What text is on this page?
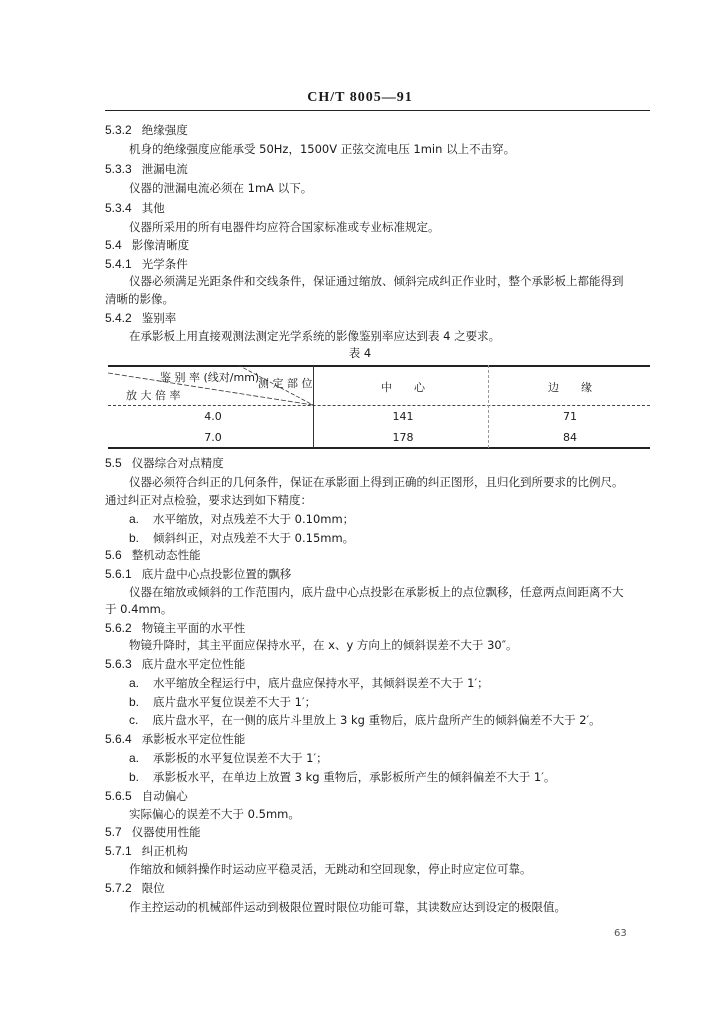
CH/T 8005—91
5.3.2 绝缘强度
机身的绝缘强度应能承受 50Hz，1500V 正弦交流电压 1min 以上不击穿。
5.3.3 泄漏电流
仪器的泄漏电流必须在 1mA 以下。
5.3.4 其他
仪器所采用的所有电器件均应符合国家标准或专业标准规定。
5.4 影像清晰度
5.4.1 光学条件
仪器必须满足光距条件和交线条件，保证通过缩放、倾斜完成纠正作业时，整个承影板上都能得到
清晰的影像。
5.4.2 鉴别率
在承影板上用直接观测法测定光学系统的影像鉴别率应达到表 4 之要求。
5.5 仪器综合对点精度
仪器必须符合纠正的几何条件，保证在承影面上得到正确的纠正图形，且归化到所要求的比例尺。
通过纠正对点检验，要求达到如下精度：
a. 水平缩放，对点残差不大于 0.10mm；
b. 倾斜纠正，对点残差不大于 0.15mm。
5.6 整机动态性能
5.6.1 底片盘中心点投影位置的飘移
仪器在缩放或倾斜的工作范围内，底片盘中心点投影在承影板上的点位飘移，任意两点间距离不大
于 0.4mm。
5.6.2 物镜主平面的水平性
物镜升降时，其主平面应保持水平，在 x、y 方向上的倾斜误差不大于 30″。
5.6.3 底片盘水平定位性能
a. 水平缩放全程运行中，底片盘应保持水平，其倾斜误差不大于 1′；
b. 底片盘水平复位误差不大于 1′；
c. 底片盘水平，在一侧的底片斗里放上 3 kg 重物后，底片盘所产生的倾斜偏差不大于 2′。
5.6.4 承影板水平定位性能
a. 承影板的水平复位误差不大于 1′；
b. 承影板水平，在单边上放置 3 kg 重物后，承影板所产生的倾斜偏差不大于 1′。
5.6.5 自动偏心
实际偏心的误差不大于 0.5mm。
5.7 仪器使用性能
5.7.1 纠正机构
作缩放和倾斜操作时运动应平稳灵活，无跳动和空回现象，停止时应定位可靠。
5.7.2 限位
作主控运动的机械部件运动到极限位置时限位功能可靠，其读数应达到设定的极限值。
表 4
鉴 别 率 (线对/mm)
测 定 部 位
放 大 倍 率
中　　心	边　　缘
4.0	141	71
7.0	178	84
63
